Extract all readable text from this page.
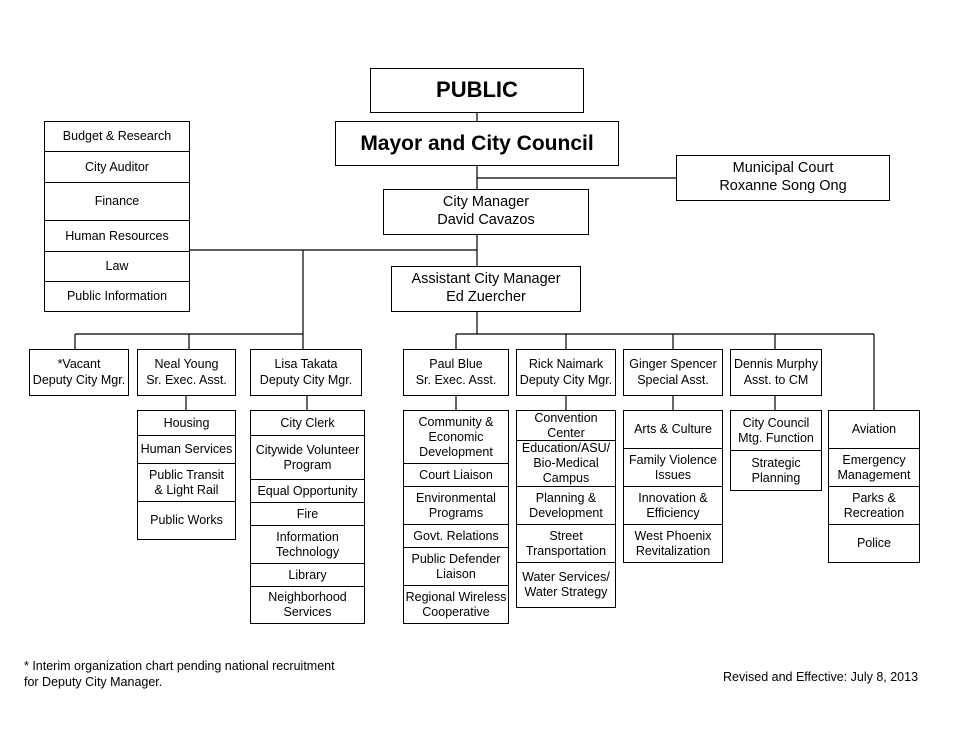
PUBLIC
Mayor and City Council
Municipal Court
Roxanne Song Ong
City Manager
David Cavazos
Assistant City Manager
Ed Zuercher
Budget & Research
City Auditor
Finance
Human Resources
Law
Public Information
*Vacant
Deputy City Mgr.
Neal Young
Sr. Exec. Asst.
Lisa Takata
Deputy City Mgr.
Paul Blue
Sr. Exec. Asst.
Rick Naimark
Deputy City Mgr.
Ginger Spencer
Special Asst.
Dennis Murphy
Asst. to CM
Housing
Human Services
Public Transit
& Light Rail
Public Works
City Clerk
Citywide Volunteer
Program
Equal Opportunity
Fire
Information
Technology
Library
Neighborhood
Services
Community &
Economic
Development
Court Liaison
Environmental
Programs
Govt. Relations
Public Defender
Liaison
Regional Wireless
Cooperative
Convention
Center
Education/ASU/
Bio-Medical
Campus
Planning &
Development
Street
Transportation
Water Services/
Water Strategy
Arts & Culture
Family Violence
Issues
Innovation &
Efficiency
West Phoenix
Revitalization
City Council
Mtg. Function
Strategic
Planning
Aviation
Emergency
Management
Parks &
Recreation
Police
* Interim organization chart pending national recruitment
for Deputy City Manager.	Revised and Effective: July 8, 2013
